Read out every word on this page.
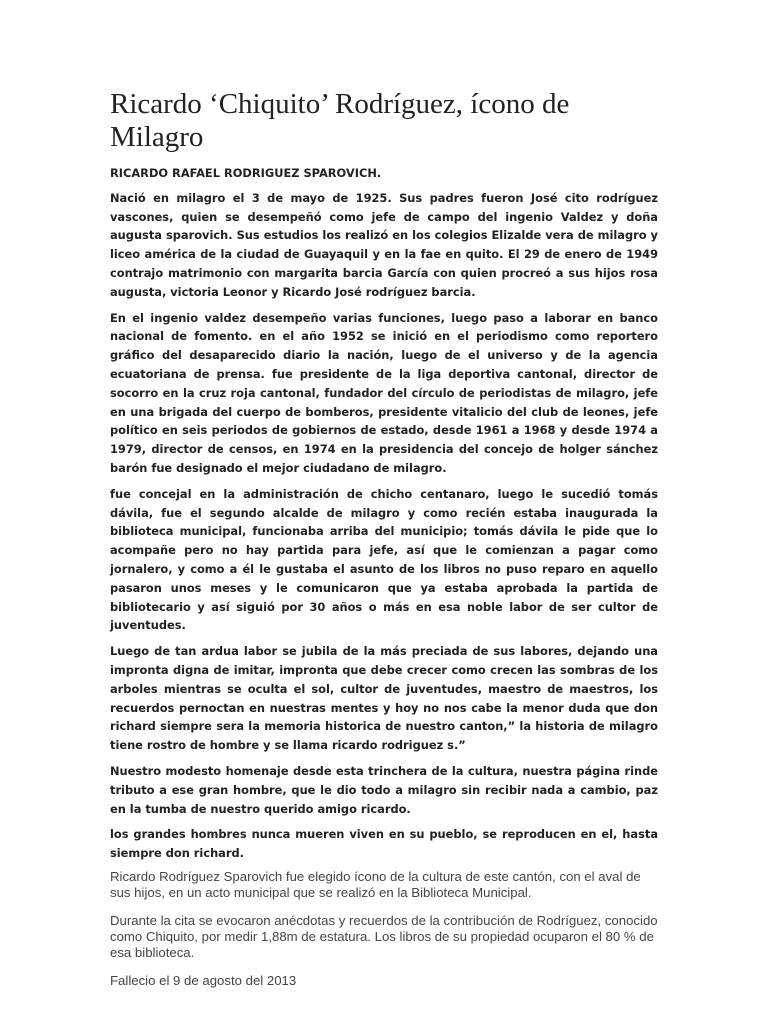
Ricardo ‘Chiquito’ Rodríguez, ícono de Milagro

RICARDO RAFAEL RODRIGUEZ SPAROVICH.

Nació en milagro el 3 de mayo de 1925. Sus padres fueron José cito rodríguez vascones, quien se desempeñó como jefe de campo del ingenio Valdez y doña augusta sparovich. Sus estudios los realizó en los colegios Elizalde vera de milagro y liceo américa de la ciudad de Guayaquil y en la fae en quito. El 29 de enero de 1949 contrajo matrimonio con margarita barcia García con quien procreó a sus hijos rosa augusta, victoria Leonor y Ricardo José rodríguez barcia.

En el ingenio valdez desempeño varias funciones, luego paso a laborar en banco nacional de fomento. en el año 1952 se inició en el periodismo como reportero gráfico del desaparecido diario la nación, luego de el universo y de la agencia ecuatoriana de prensa. fue presidente de la liga deportiva cantonal, director de socorro en la cruz roja cantonal, fundador del círculo de periodistas de milagro, jefe en una brigada del cuerpo de bomberos, presidente vitalicio del club de leones, jefe político en seis periodos de gobiernos de estado, desde 1961 a 1968 y desde 1974 a 1979, director de censos, en 1974 en la presidencia del concejo de holger sánchez barón fue designado el mejor ciudadano de milagro.

fue concejal en la administración de chicho centanaro, luego le sucedió tomás dávila, fue el segundo alcalde de milagro y como recién estaba inaugurada la biblioteca municipal, funcionaba arriba del municipio; tomás dávila le pide que lo acompañe pero no hay partida para jefe, así que le comienzan a pagar como jornalero, y como a él le gustaba el asunto de los libros no puso reparo en aquello pasaron unos meses y le comunicaron que ya estaba aprobada la partida de bibliotecario y así siguió por 30 años o más en esa noble labor de ser cultor de juventudes.

Luego de tan ardua labor se jubila de la más preciada de sus labores, dejando una impronta digna de imitar, impronta que debe crecer como crecen las sombras de los arboles mientras se oculta el sol, cultor de juventudes, maestro de maestros, los recuerdos pernoctan en nuestras mentes y hoy no nos cabe la menor duda que don richard siempre sera la memoria historica de nuestro canton,” la historia de milagro tiene rostro de hombre y se llama ricardo rodriguez s.”

Nuestro modesto homenaje desde esta trinchera de la cultura, nuestra página rinde tributo a ese gran hombre, que le dio todo a milagro sin recibir nada a cambio, paz en la tumba de nuestro querido amigo ricardo.

los grandes hombres nunca mueren viven en su pueblo, se reproducen en el, hasta siempre don richard.

Ricardo Rodríguez Sparovich fue elegido ícono de la cultura de este cantón, con el aval de sus hijos, en un acto municipal que se realizó en la Biblioteca Municipal.

Durante la cita se evocaron anécdotas y recuerdos de la contribución de Rodríguez, conocido como Chiquito, por medir 1,88m de estatura. Los libros de su propiedad ocuparon el 80 % de esa biblioteca.

Fallecio el 9 de agosto del 2013
